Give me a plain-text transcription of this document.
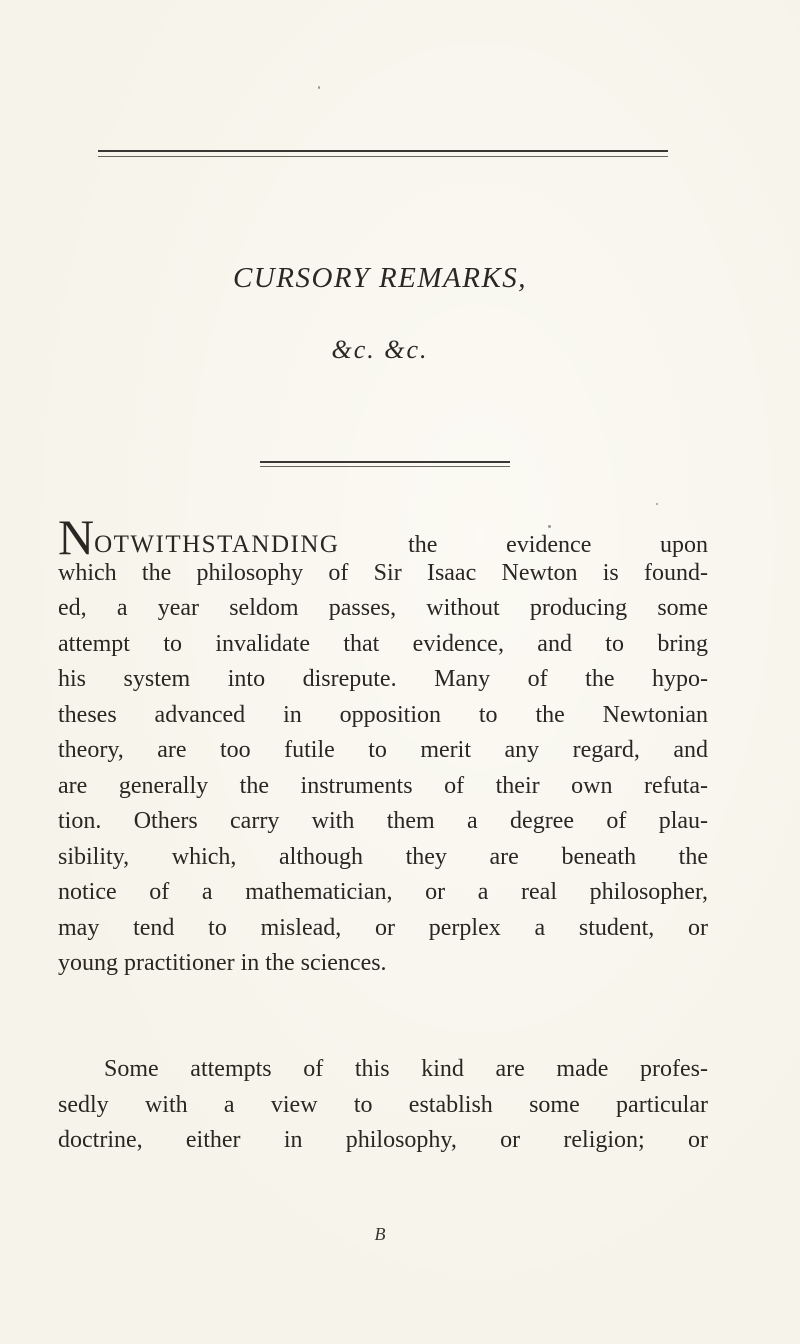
CURSORY REMARKS,
&c. &c.
NOTWITHSTANDING the evidence upon
which the philosophy of Sir Isaac Newton is found-
ed, a year seldom passes, without producing some
attempt to invalidate that evidence, and to bring
his system into disrepute. Many of the hypo-
theses advanced in opposition to the Newtonian
theory, are too futile to merit any regard, and
are generally the instruments of their own refuta-
tion. Others carry with them a degree of plau-
sibility, which, although they are beneath the
notice of a mathematician, or a real philosopher,
may tend to mislead, or perplex a student, or
young practitioner in the sciences.
Some attempts of this kind are made profes-
sedly with a view to establish some particular
doctrine, either in philosophy, or religion; or
B
